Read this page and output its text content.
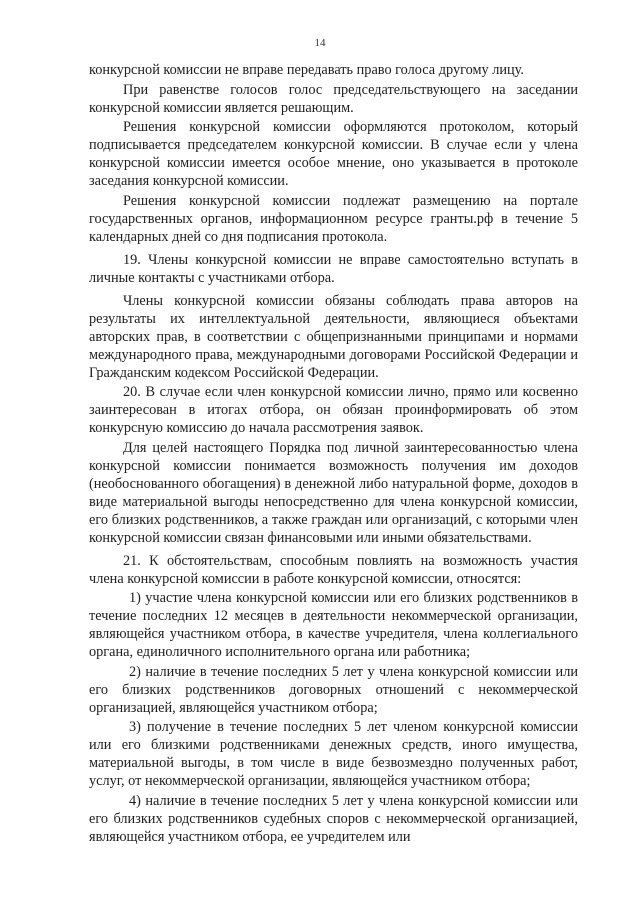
14

конкурсной комиссии не вправе передавать право голоса другому лицу.

При равенстве голосов голос председательствующего на заседании конкурсной комиссии является решающим.

Решения конкурсной комиссии оформляются протоколом, который подписывается председателем конкурсной комиссии. В случае если у члена конкурсной комиссии имеется особое мнение, оно указывается в протоколе заседания конкурсной комиссии.

Решения конкурсной комиссии подлежат размещению на портале государственных органов, информационном ресурсе гранты.рф в течение 5 календарных дней со дня подписания протокола.

19. Члены конкурсной комиссии не вправе самостоятельно вступать в личные контакты с участниками отбора.

Члены конкурсной комиссии обязаны соблюдать права авторов на результаты их интеллектуальной деятельности, являющиеся объектами авторских прав, в соответствии с общепризнанными принципами и нормами международного права, международными договорами Российской Федерации и Гражданским кодексом Российской Федерации.

20. В случае если член конкурсной комиссии лично, прямо или косвенно заинтересован в итогах отбора, он обязан проинформировать об этом конкурсную комиссию до начала рассмотрения заявок.

Для целей настоящего Порядка под личной заинтересованностью члена конкурсной комиссии понимается возможность получения им доходов (необоснованного обогащения) в денежной либо натуральной форме, доходов в виде материальной выгоды непосредственно для члена конкурсной комиссии, его близких родственников, а также граждан или организаций, с которыми член конкурсной комиссии связан финансовыми или иными обязательствами.

21. К обстоятельствам, способным повлиять на возможность участия члена конкурсной комиссии в работе конкурсной комиссии, относятся:

1) участие члена конкурсной комиссии или его близких родственников в течение последних 12 месяцев в деятельности некоммерческой организации, являющейся участником отбора, в качестве учредителя, члена коллегиального органа, единоличного исполнительного органа или работника;

2) наличие в течение последних 5 лет у члена конкурсной комиссии или его близких родственников договорных отношений с некоммерческой организацией, являющейся участником отбора;

3) получение в течение последних 5 лет членом конкурсной комиссии или его близкими родственниками денежных средств, иного имущества, материальной выгоды, в том числе в виде безвозмездно полученных работ, услуг, от некоммерческой организации, являющейся участником отбора;

4) наличие в течение последних 5 лет у члена конкурсной комиссии или его близких родственников судебных споров с некоммерческой организацией, являющейся участником отбора, ее учредителем или
